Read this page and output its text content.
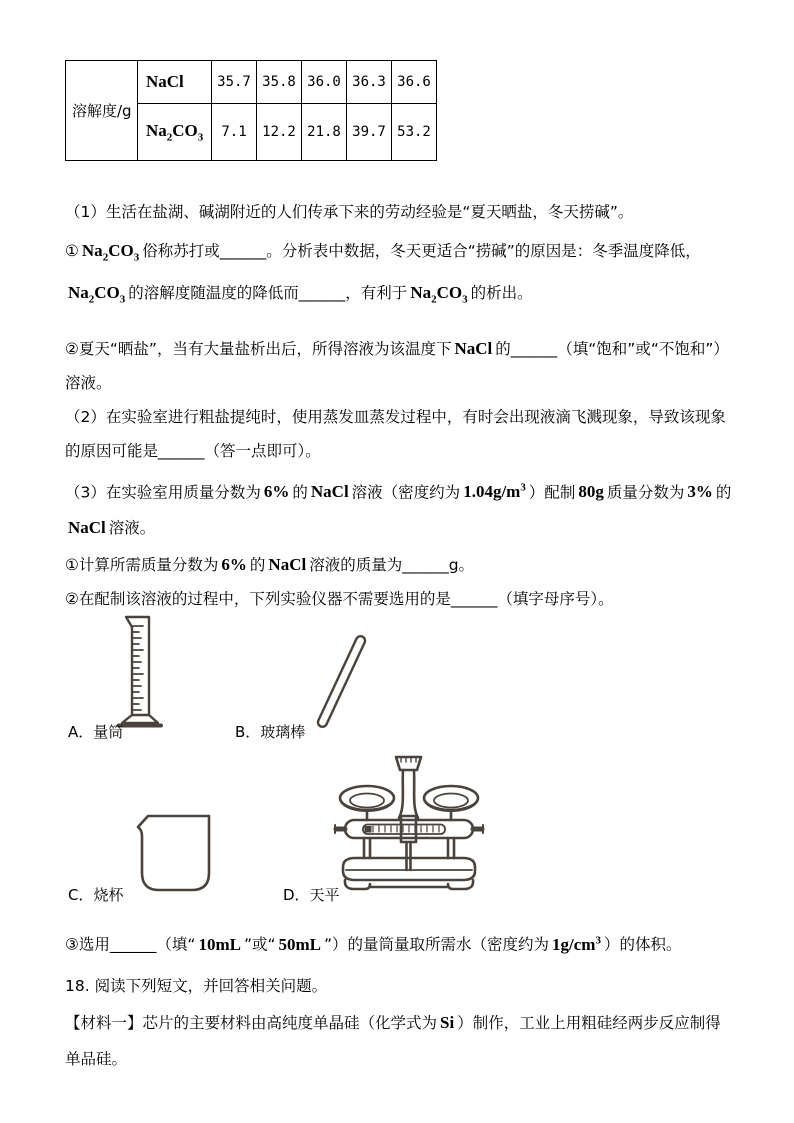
溶解度/g	NaCl	35.7	35.8	36.0	36.3	36.6
	$Na_2CO_3$	7.1	12.2	21.8	39.7	53.2
（1）生活在盐湖、碱湖附近的人们传承下来的劳动经验是“夏天晒盐，冬天捞碱”。
① $Na_2CO_3$ 俗称苏打或______。分析表中数据，冬天更适合“捞碱”的原因是：冬季温度降低，$Na_2CO_3$ 的溶解度随温度的降低而______，有利于 $Na_2CO_3$ 的析出。
②夏天“晒盐”，当有大量盐析出后，所得溶液为该温度下 NaCl 的______（填“饱和”或“不饱和”）溶液。
（2）在实验室进行粗盐提纯时，使用蒸发皿蒸发过程中，有时会出现液滴飞溅现象，导致该现象的原因可能是______（答一点即可）。
（3）在实验室用质量分数为 6% 的 NaCl 溶液（密度约为 $1.04g/m^3$ ）配制 80g 质量分数为 3% 的NaCl 溶液。
①计算所需质量分数为 6% 的 NaCl 溶液的质量为______g。
②在配制该溶液的过程中，下列实验仪器不需要选用的是______（填字母序号）。
A．量筒	B．玻璃棒
C．烧杯	D．天平
③选用______（填“ 10mL ”或“ 50mL ”）的量筒量取所需水（密度约为 $1g/cm^3$ ）的体积。
18. 阅读下列短文，并回答相关问题。
【材料一】芯片的主要材料由高纯度单晶硅（化学式为 Si ）制作，工业上用粗硅经两步反应制得单品硅。
